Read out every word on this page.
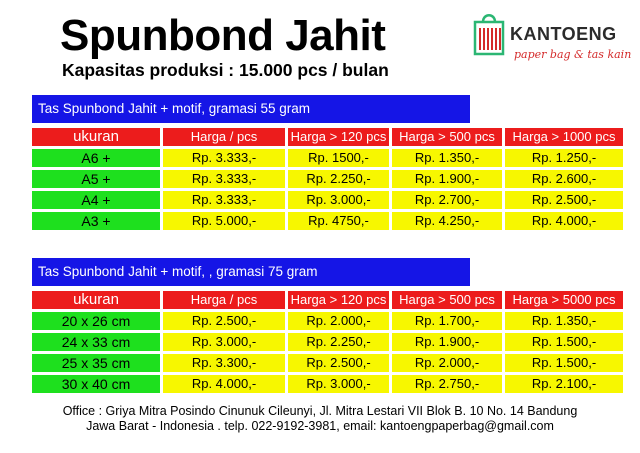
Spunbond Jahit
Kapasitas produksi : 15.000 pcs / bulan
KANTOENG
paper bag & tas kain
Tas Spunbond Jahit + motif, gramasi 55 gram
ukuran	Harga / pcs	Harga > 120 pcs	Harga > 500 pcs	Harga > 1000 pcs
A6 +	Rp. 3.333,-	Rp. 1500,-	Rp. 1.350,-	Rp. 1.250,-
A5 +	Rp. 3.333,-	Rp. 2.250,-	Rp. 1.900,-	Rp. 2.600,-
A4 +	Rp. 3.333,-	Rp. 3.000,-	Rp. 2.700,-	Rp. 2.500,-
A3 +	Rp. 5.000,-	Rp. 4750,-	Rp. 4.250,-	Rp. 4.000,-
Tas Spunbond Jahit + motif, , gramasi 75 gram
ukuran	Harga / pcs	Harga > 120 pcs	Harga > 500 pcs	Harga > 5000 pcs
20 x 26 cm	Rp. 2.500,-	Rp. 2.000,-	Rp. 1.700,-	Rp. 1.350,-
24 x 33 cm	Rp. 3.000,-	Rp. 2.250,-	Rp. 1.900,-	Rp. 1.500,-
25 x 35 cm	Rp. 3.300,-	Rp. 2.500,-	Rp. 2.000,-	Rp. 1.500,-
30 x 40 cm	Rp. 4.000,-	Rp. 3.000,-	Rp. 2.750,-	Rp. 2.100,-
Office : Griya Mitra Posindo Cinunuk Cileunyi, Jl. Mitra Lestari VII Blok B. 10 No. 14 Bandung
Jawa Barat - Indonesia . telp. 022-9192-3981, email: kantoengpaperbag@gmail.com
